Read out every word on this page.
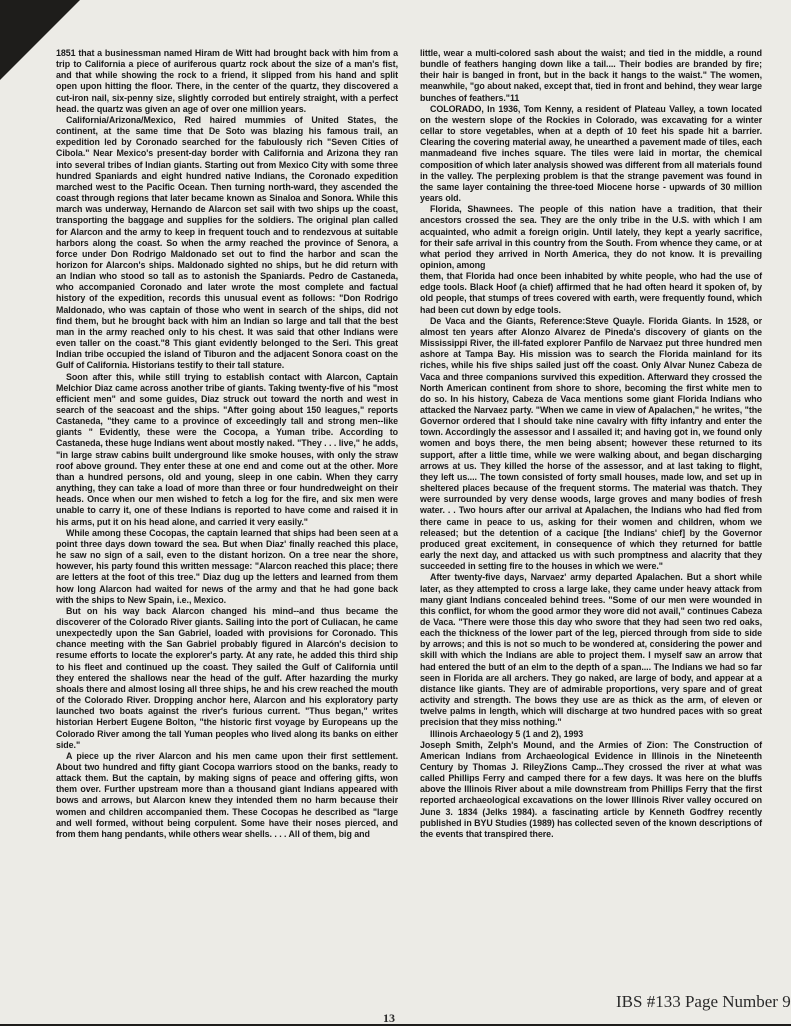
1851 that a businessman named Hiram de Witt had brought back with him from a trip to California a piece of auriferous quartz rock about the size of a man's fist, and that while showing the rock to a friend, it slipped from his hand and split open upon hitting the floor. There, in the center of the quartz, they discovered a cut-iron nail, six-penny size, slightly corroded but entirely straight, with a perfect head. the quartz was given an age of over one million years.

California/Arizona/Mexico, Red haired mummies of United States, the continent, at the same time that De Soto was blazing his famous trail, an expedition led by Coronado searched for the fabulously rich "Seven Cities of Cibola." Near Mexico's present-day border with California and Arizona they ran into several tribes of Indian giants. Starting out from Mexico City with some three hundred Spaniards and eight hundred native Indians, the Coronado expedition marched west to the Pacific Ocean. Then turning north-ward, they ascended the coast through regions that later became known as Sinaloa and Sonora. While this march was underway, Hernando de Alarcon set sail with two ships up the coast, transporting the baggage and supplies for the soldiers. The original plan called for Alarcon and the army to keep in frequent touch and to rendezvous at suitable harbors along the coast. So when the army reached the province of Senora, a force under Don Rodrigo Maldonado set out to find the harbor and scan the horizon for Alarcon's ships. Maldonado sighted no ships, but he did return with an Indian who stood so tall as to astonish the Spaniards. Pedro de Castaneda, who accompanied Coronado and later wrote the most complete and factual history of the expedition, records this unusual event as follows: "Don Rodrigo Maldonado, who was captain of those who went in search of the ships, did not find them, but he brought back with him an Indian so large and tall that the best man in the army reached only to his chest. It was said that other Indians were even taller on the coast."8 This giant evidently belonged to the Seri. This great Indian tribe occupied the island of Tiburon and the adjacent Sonora coast on the Gulf of California. Historians testify to their tall stature.

Soon after this, while still trying to establish contact with Alarcon, Captain Melchior Diaz came across another tribe of giants. Taking twenty-five of his "most efficient men" and some guides, Diaz struck out toward the north and west in search of the seacoast and the ships. "After going about 150 leagues," reports Castaneda, "they came to a province of exceedingly tall and strong men--like giants " Evidently, these were the Cocopa, a Yuman tribe. According to Castaneda, these huge Indians went about mostly naked. "They . . . live," he adds, "in large straw cabins built underground like smoke houses, with only the straw roof above ground. They enter these at one end and come out at the other. More than a hundred persons, old and young, sleep in one cabin. When they carry anything, they can take a load of more than three or four hundredweight on their heads. Once when our men wished to fetch a log for the fire, and six men were unable to carry it, one of these Indians is reported to have come and raised it in his arms, put it on his head alone, and carried it very easily."

While among these Cocopas, the captain learned that ships had been seen at a point three days down toward the sea. But when Diaz' finally reached this place, he saw no sign of a sail, even to the distant horizon. On a tree near the shore, however, his party found this written message: "Alarcon reached this place; there are letters at the foot of this tree." Diaz dug up the letters and learned from them how long Alarcon had waited for news of the army and that he had gone back with the ships to New Spain, i.e., Mexico.

But on his way back Alarcon changed his mind--and thus became the discoverer of the Colorado River giants. Sailing into the port of Culiacan, he came unexpectedly upon the San Gabriel, loaded with provisions for Coronado. This chance meeting with the San Gabriel probably figured in Alarcón's decision to resume efforts to locate the explorer's party. At any rate, he added this third ship to his fleet and continued up the coast. They sailed the Gulf of California until they entered the shallows near the head of the gulf. After hazarding the murky shoals there and almost losing all three ships, he and his crew reached the mouth of the Colorado River. Dropping anchor here, Alarcon and his exploratory party launched two boats against the river's furious current. "Thus began," writes historian Herbert Eugene Bolton, "the historic first voyage by Europeans up the Colorado River among the tall Yuman peoples who lived along its banks on either side."

A piece up the river Alarcon and his men came upon their first settlement. About two hundred and fifty giant Cocopa warriors stood on the banks, ready to attack them. But the captain, by making signs of peace and offering gifts, won them over. Further upstream more than a thousand giant Indians appeared with bows and arrows, but Alarcon knew they intended them no harm because their women and children accompanied them. These Cocopas he described as "large and well formed, without being corpulent. Some have their noses pierced, and from them hang pendants, while others wear shells. . . . All of them, big and

little, wear a multi-colored sash about the waist; and tied in the middle, a round bundle of feathers hanging down like a tail.... Their bodies are branded by fire; their hair is banged in front, but in the back it hangs to the waist." The women, meanwhile, "go about naked, except that, tied in front and behind, they wear large bunches of feathers."11

COLORADO, In 1936, Tom Kenny, a resident of Plateau Valley, a town located on the western slope of the Rockies in Colorado, was excavating for a winter cellar to store vegetables, when at a depth of 10 feet his spade hit a barrier. Clearing the covering material away, he unearthed a pavement made of tiles, each manmadeand five inches square. The tiles were laid in mortar, the chemical composition of which later analysis showed was different from all materials found in the valley. The perplexing problem is that the strange pavement was found in the same layer containing the three-toed Miocene horse - upwards of 30 million years old.

Florida, Shawnees. The people of this nation have a tradition, that their ancestors crossed the sea. They are the only tribe in the U.S. with which I am acquainted, who admit a foreign origin. Until lately, they kept a yearly sacrifice, for their safe arrival in this country from the South. From whence they came, or at what period they arrived in North America, they do not know. It is prevailing opinion, among

them, that Florida had once been inhabited by white people, who had the use of edge tools. Black Hoof (a chief) affirmed that he had often heard it spoken of, by old people, that stumps of trees covered with earth, were frequently found, which had been cut down by edge tools.

De Vaca and the Giants, Reference:Steve Quayle. Florida Giants. In 1528, or almost ten years after Alonzo Alvarez de Pineda's discovery of giants on the Mississippi River, the ill-fated explorer Panfilo de Narvaez put three hundred men ashore at Tampa Bay. His mission was to search the Florida mainland for its riches, while his five ships sailed just off the coast. Only Alvar Nunez Cabeza de Vaca and three companions survived this expedition. Afterward they crossed the North American continent from shore to shore, becoming the first white men to do so. In his history, Cabeza de Vaca mentions some giant Florida Indians who attacked the Narvaez party. "When we came in view of Apalachen," he writes, "the Governor ordered that I should take nine cavalry with fifty infantry and enter the town. Accordingly the assessor and I assailed it; and having got in, we found only women and boys there, the men being absent; however these returned to its support, after a little time, while we were walking about, and began discharging arrows at us. They killed the horse of the assessor, and at last taking to flight, they left us.... The town consisted of forty small houses, made low, and set up in sheltered places because of the frequent storms. The material was thatch. They were surrounded by very dense woods, large groves and many bodies of fresh water. . . Two hours after our arrival at Apalachen, the Indians who had fled from there came in peace to us, asking for their women and children, whom we released; but the detention of a cacique [the Indians' chief] by the Governor produced great excitement, in consequence of which they returned for battle early the next day, and attacked us with such promptness and alacrity that they succeeded in setting fire to the houses in which we were."

After twenty-five days, Narvaez' army departed Apalachen. But a short while later, as they attempted to cross a large lake, they came under heavy attack from many giant Indians concealed behind trees. "Some of our men were wounded in this conflict, for whom the good armor they wore did not avail," continues Cabeza de Vaca. "There were those this day who swore that they had seen two red oaks, each the thickness of the lower part of the leg, pierced through from side to side by arrows; and this is not so much to be wondered at, considering the power and skill with which the Indians are able to project them. I myself saw an arrow that had entered the butt of an elm to the depth of a span.... The Indians we had so far seen in Florida are all archers. They go naked, are large of body, and appear at a distance like giants. They are of admirable proportions, very spare and of great activity and strength. The bows they use are as thick as the arm, of eleven or twelve palms in length, which will discharge at two hundred paces with so great precision that they miss nothing."

Illinois Archaeology 5 (1 and 2), 1993

Joseph Smith, Zelph's Mound, and the Armies of Zion: The Construction of American Indians from Archaeological Evidence in Illinois in the Nineteenth Century by Thomas J. RileyZions Camp...They crossed the river at what was called Phillips Ferry and camped there for a few days. It was here on the bluffs above the Illinois River about a mile downstream from Phillips Ferry that the first reported archaeological excavations on the lower Illinois River valley occured on June 3. 1834 (Jelks 1984). a fascinating article by Kenneth Godfrey recently published in BYU Studies (1989) has collected seven of the known descriptions of the events that transpired there.

IBS #133 Page Number 9
13
